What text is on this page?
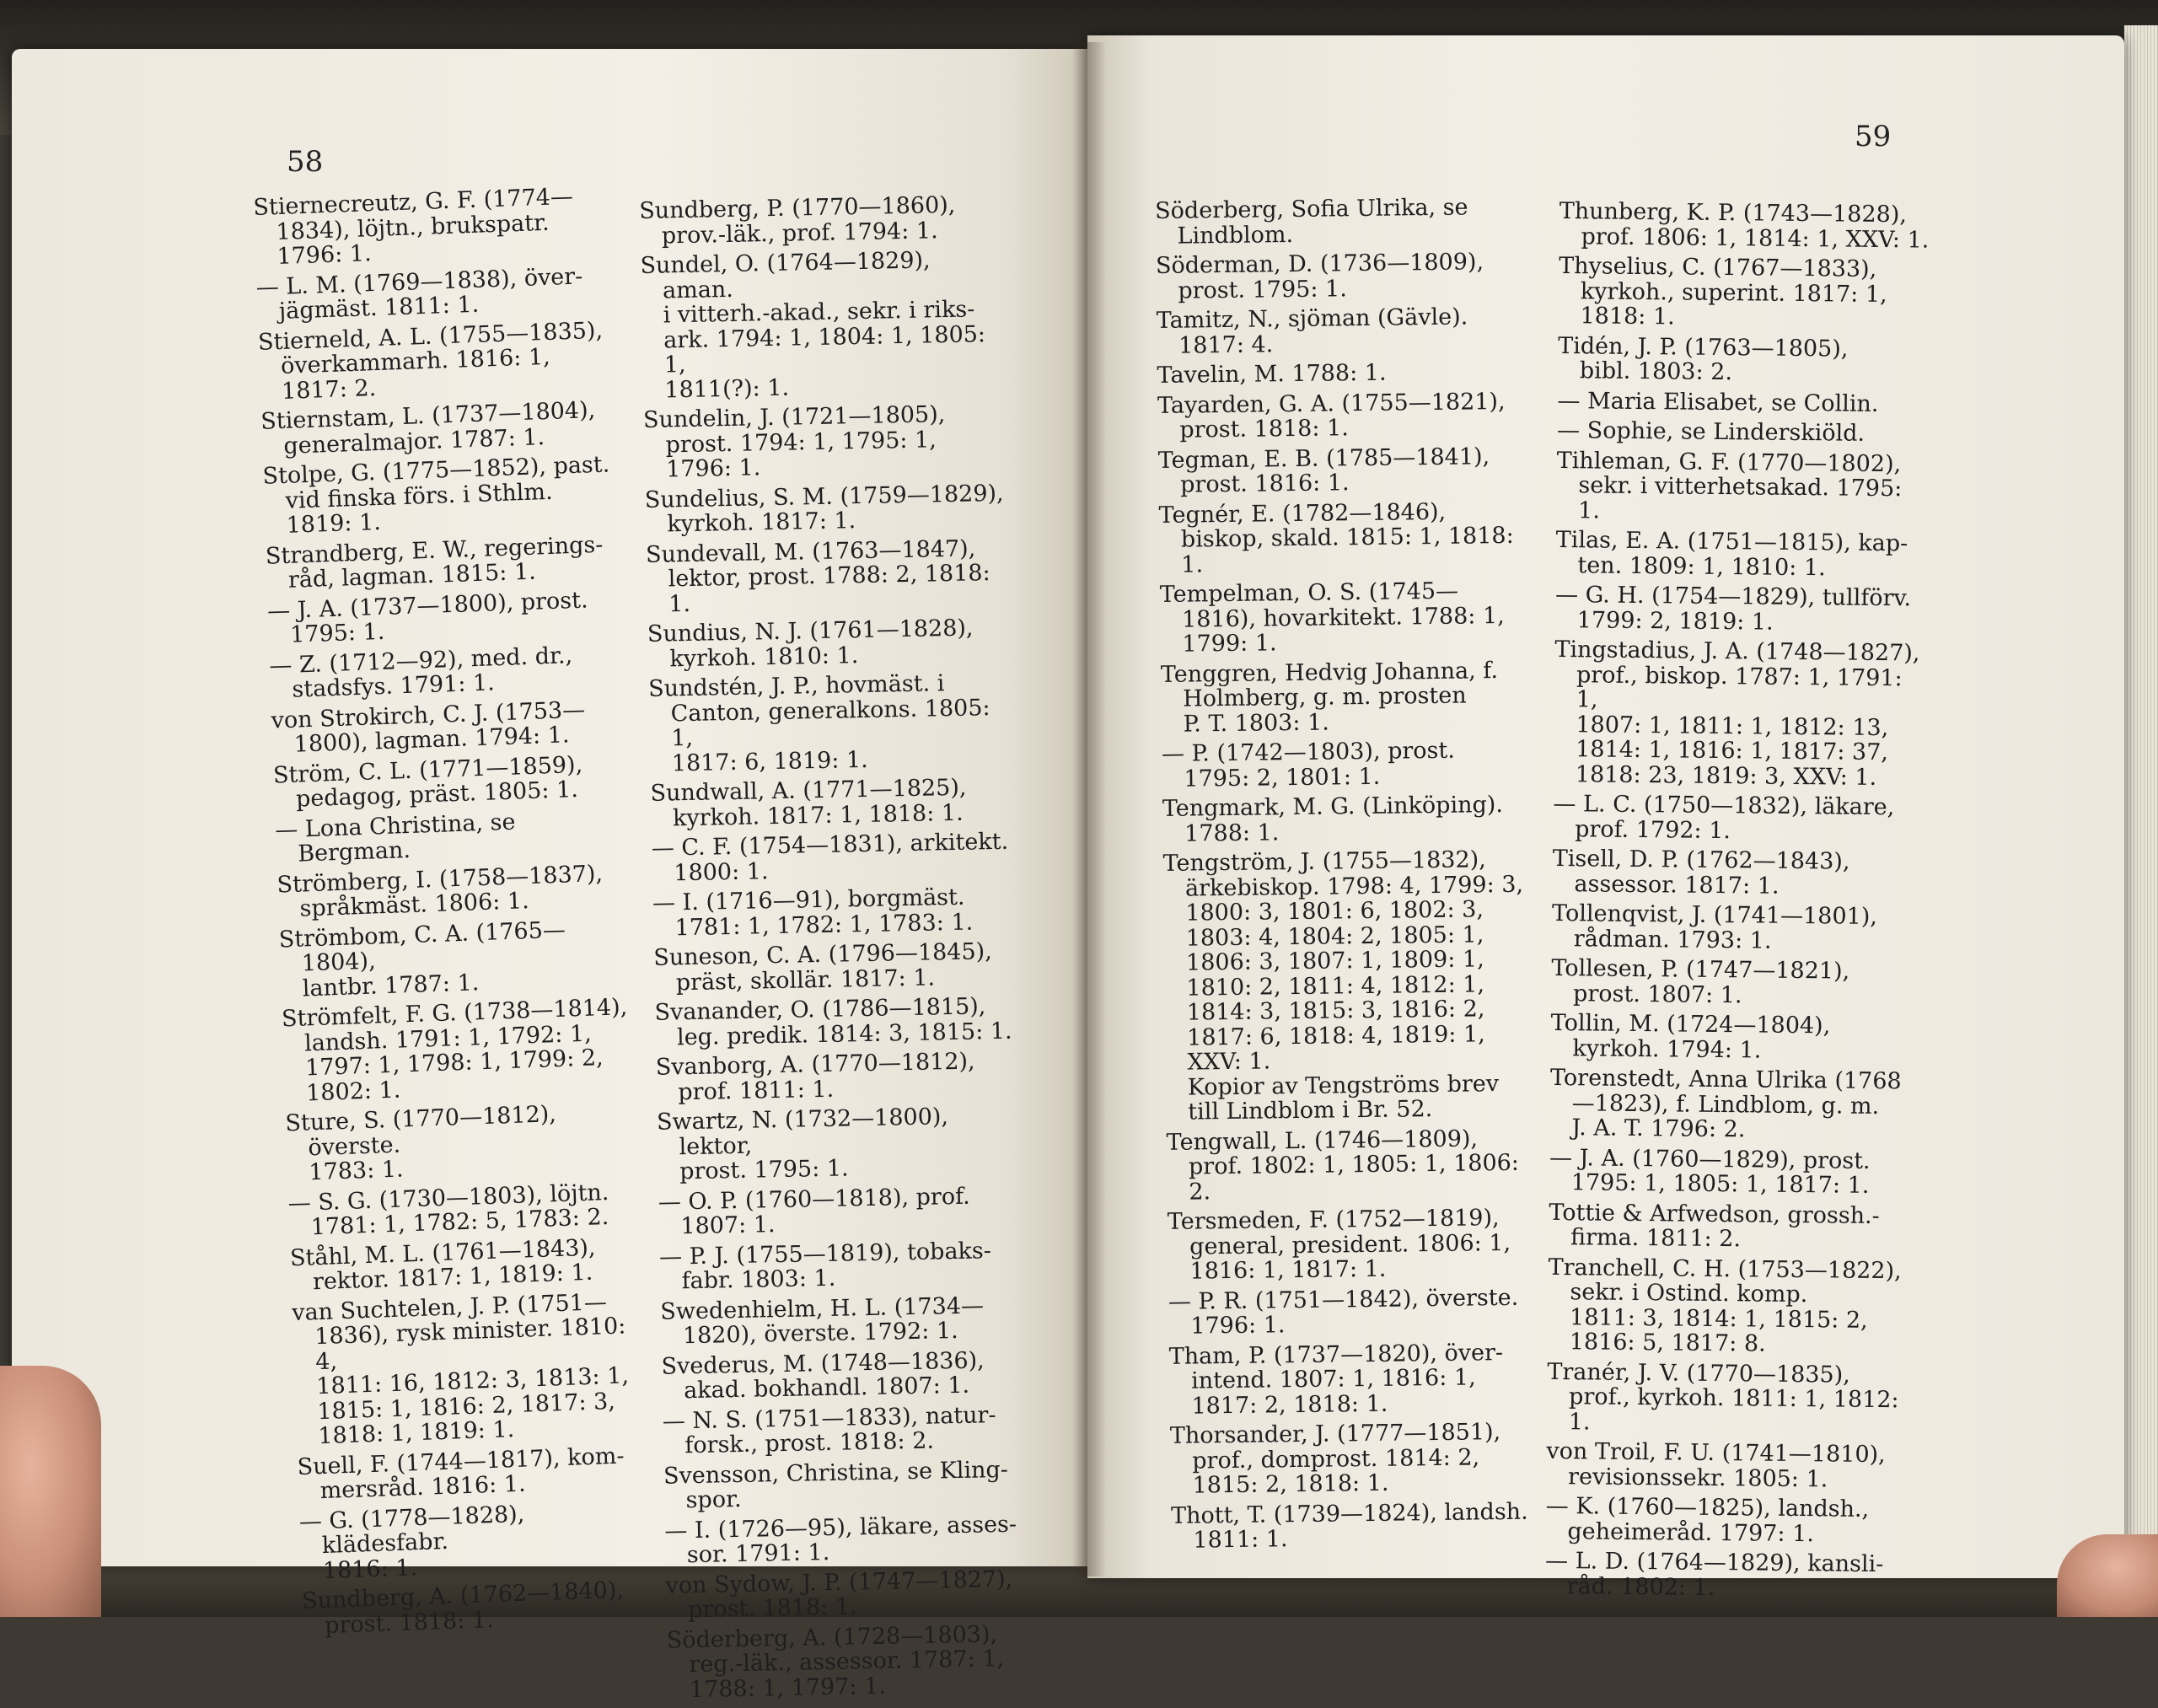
58
59
Stiernecreutz, G. F. (1774—
1834), löjtn., brukspatr.
1796: 1.
— L. M. (1769—1838), över-
jägmäst. 1811: 1.
Stierneld, A. L. (1755—1835),
överkammarh. 1816: 1,
1817: 2.
Stiernstam, L. (1737—1804),
generalmajor. 1787: 1.
Stolpe, G. (1775—1852), past.
vid finska förs. i Sthlm.
1819: 1.
Strandberg, E. W., regerings-
råd, lagman. 1815: 1.
— J. A. (1737—1800), prost.
1795: 1.
— Z. (1712—92), med. dr.,
stadsfys. 1791: 1.
von Strokirch, C. J. (1753—
1800), lagman. 1794: 1.
Ström, C. L. (1771—1859),
pedagog, präst. 1805: 1.
— Lona Christina, se Bergman.
Strömberg, I. (1758—1837),
språkmäst. 1806: 1.
Strömbom, C. A. (1765—1804),
lantbr. 1787: 1.
Strömfelt, F. G. (1738—1814),
landsh. 1791: 1, 1792: 1,
1797: 1, 1798: 1, 1799: 2,
1802: 1.
Sture, S. (1770—1812), överste.
1783: 1.
— S. G. (1730—1803), löjtn.
1781: 1, 1782: 5, 1783: 2.
Ståhl, M. L. (1761—1843),
rektor. 1817: 1, 1819: 1.
van Suchtelen, J. P. (1751—
1836), rysk minister. 1810: 4,
1811: 16, 1812: 3, 1813: 1,
1815: 1, 1816: 2, 1817: 3,
1818: 1, 1819: 1.
Suell, F. (1744—1817), kom-
mersråd. 1816: 1.
— G. (1778—1828), klädesfabr.
1816: 1.
Sundberg, A. (1762—1840),
prost. 1818: 1.
Sundberg, P. (1770—1860),
prov.-läk., prof. 1794: 1.
Sundel, O. (1764—1829), aman.
i vitterh.-akad., sekr. i riks-
ark. 1794: 1, 1804: 1, 1805: 1,
1811(?): 1.
Sundelin, J. (1721—1805),
prost. 1794: 1, 1795: 1, 1796: 1.
Sundelius, S. M. (1759—1829),
kyrkoh. 1817: 1.
Sundevall, M. (1763—1847),
lektor, prost. 1788: 2, 1818: 1.
Sundius, N. J. (1761—1828),
kyrkoh. 1810: 1.
Sundstén, J. P., hovmäst. i
Canton, generalkons. 1805: 1,
1817: 6, 1819: 1.
Sundwall, A. (1771—1825),
kyrkoh. 1817: 1, 1818: 1.
— C. F. (1754—1831), arkitekt.
1800: 1.
— I. (1716—91), borgmäst.
1781: 1, 1782: 1, 1783: 1.
Suneson, C. A. (1796—1845),
präst, skollär. 1817: 1.
Svanander, O. (1786—1815),
leg. predik. 1814: 3, 1815: 1.
Svanborg, A. (1770—1812),
prof. 1811: 1.
Swartz, N. (1732—1800), lektor,
prost. 1795: 1.
— O. P. (1760—1818), prof.
1807: 1.
— P. J. (1755—1819), tobaks-
fabr. 1803: 1.
Swedenhielm, H. L. (1734—
1820), överste. 1792: 1.
Svederus, M. (1748—1836),
akad. bokhandl. 1807: 1.
— N. S. (1751—1833), natur-
forsk., prost. 1818: 2.
Svensson, Christina, se Kling-
spor.
— I. (1726—95), läkare, asses-
sor. 1791: 1.
von Sydow, J. P. (1747—1827),
prost. 1818: 1.
Söderberg, A. (1728—1803),
reg.-läk., assessor. 1787: 1,
1788: 1, 1797: 1.
Söderberg, Sofia Ulrika, se
Lindblom.
Söderman, D. (1736—1809),
prost. 1795: 1.
Tamitz, N., sjöman (Gävle).
1817: 4.
Tavelin, M. 1788: 1.
Tayarden, G. A. (1755—1821),
prost. 1818: 1.
Tegman, E. B. (1785—1841),
prost. 1816: 1.
Tegnér, E. (1782—1846),
biskop, skald. 1815: 1, 1818: 1.
Tempelman, O. S. (1745—
1816), hovarkitekt. 1788: 1,
1799: 1.
Tenggren, Hedvig Johanna, f.
Holmberg, g. m. prosten
P. T. 1803: 1.
— P. (1742—1803), prost.
1795: 2, 1801: 1.
Tengmark, M. G. (Linköping).
1788: 1.
Tengström, J. (1755—1832),
ärkebiskop. 1798: 4, 1799: 3,
1800: 3, 1801: 6, 1802: 3,
1803: 4, 1804: 2, 1805: 1,
1806: 3, 1807: 1, 1809: 1,
1810: 2, 1811: 4, 1812: 1,
1814: 3, 1815: 3, 1816: 2,
1817: 6, 1818: 4, 1819: 1,
XXV: 1.
Kopior av Tengströms brev
till Lindblom i Br. 52.
Tengwall, L. (1746—1809),
prof. 1802: 1, 1805: 1, 1806: 2.
Tersmeden, F. (1752—1819),
general, president. 1806: 1,
1816: 1, 1817: 1.
— P. R. (1751—1842), överste.
1796: 1.
Tham, P. (1737—1820), över-
intend. 1807: 1, 1816: 1,
1817: 2, 1818: 1.
Thorsander, J. (1777—1851),
prof., domprost. 1814: 2,
1815: 2, 1818: 1.
Thott, T. (1739—1824), landsh.
1811: 1.
Thunberg, K. P. (1743—1828),
prof. 1806: 1, 1814: 1, XXV: 1.
Thyselius, C. (1767—1833),
kyrkoh., superint. 1817: 1,
1818: 1.
Tidén, J. P. (1763—1805),
bibl. 1803: 2.
— Maria Elisabet, se Collin.
— Sophie, se Linderskiöld.
Tihleman, G. F. (1770—1802),
sekr. i vitterhetsakad. 1795: 1.
Tilas, E. A. (1751—1815), kap-
ten. 1809: 1, 1810: 1.
— G. H. (1754—1829), tullförv.
1799: 2, 1819: 1.
Tingstadius, J. A. (1748—1827),
prof., biskop. 1787: 1, 1791: 1,
1807: 1, 1811: 1, 1812: 13,
1814: 1, 1816: 1, 1817: 37,
1818: 23, 1819: 3, XXV: 1.
— L. C. (1750—1832), läkare,
prof. 1792: 1.
Tisell, D. P. (1762—1843),
assessor. 1817: 1.
Tollenqvist, J. (1741—1801),
rådman. 1793: 1.
Tollesen, P. (1747—1821),
prost. 1807: 1.
Tollin, M. (1724—1804),
kyrkoh. 1794: 1.
Torenstedt, Anna Ulrika (1768
—1823), f. Lindblom, g. m.
J. A. T. 1796: 2.
— J. A. (1760—1829), prost.
1795: 1, 1805: 1, 1817: 1.
Tottie & Arfwedson, grossh.-
firma. 1811: 2.
Tranchell, C. H. (1753—1822),
sekr. i Ostind. komp.
1811: 3, 1814: 1, 1815: 2,
1816: 5, 1817: 8.
Tranér, J. V. (1770—1835),
prof., kyrkoh. 1811: 1, 1812: 1.
von Troil, F. U. (1741—1810),
revisionssekr. 1805: 1.
— K. (1760—1825), landsh.,
geheimeråd. 1797: 1.
— L. D. (1764—1829), kansli-
råd. 1802: 1.
